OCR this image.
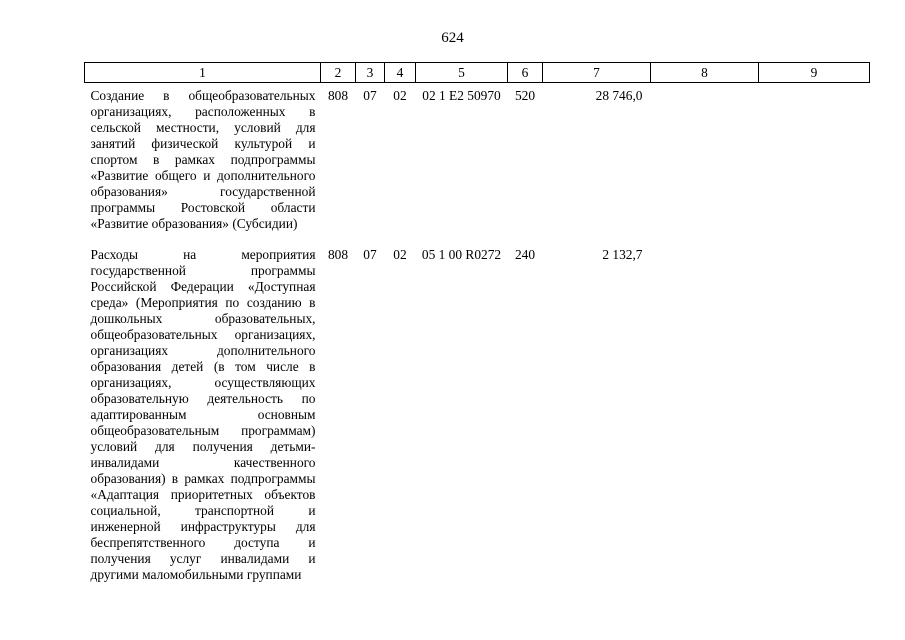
624
1	2	3	4	5	6	7	8	9
Создание в общеобразовательных организациях, расположенных в сельской местности, условий для занятий физической культурой и спортом в рамках подпрограммы «Развитие общего и дополнительного образования» государственной программы Ростовской области «Развитие образования» (Субсидии)	808	07	02	02 1 E2 50970	520	28 746,0		
Расходы на мероприятия государственной программы Российской Федерации «Доступная среда» (Мероприятия по созданию в дошкольных образовательных, общеобразовательных организациях, организациях дополнительного образования детей (в том числе в организациях, осуществляющих образовательную деятельность по адаптированным основным общеобразовательным программам) условий для получения детьми-инвалидами качественного образования) в рамках подпрограммы «Адаптация приоритетных объектов социальной, транспортной и инженерной инфраструктуры для беспрепятственного доступа и получения услуг инвалидами и другими маломобильными группами	808	07	02	05 1 00 R0272	240	2 132,7		
